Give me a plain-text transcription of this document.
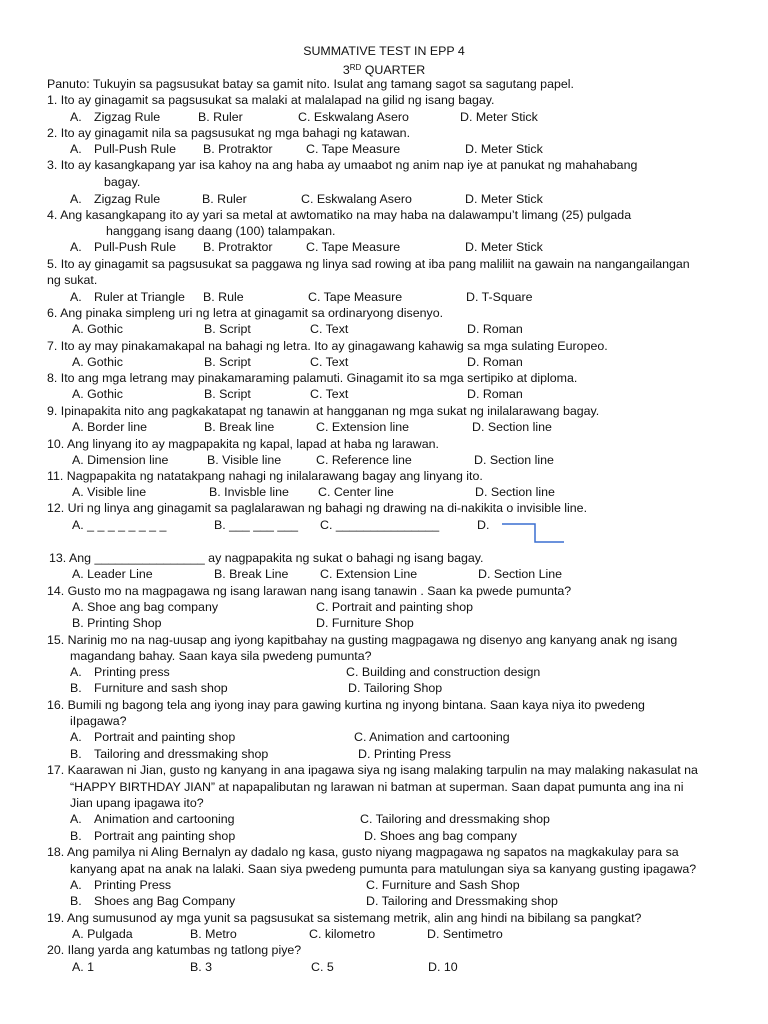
SUMMATIVE TEST IN EPP 4
3RD QUARTER
Panuto: Tukuyin sa pagsusukat batay sa gamit nito. Isulat ang tamang sagot sa sagutang papel.
1. Ito ay ginagamit sa pagsusukat sa malaki at malalapad na gilid ng isang bagay.
A. Zigzag Rule	B. Ruler	C. Eskwalang Asero	D. Meter Stick
2. Ito ay ginagamit nila sa pagsusukat ng mga bahagi ng katawan.
A. Pull-Push Rule B. Protraktor	C. Tape Measure	D. Meter Stick
3. Ito ay kasangkapang yar isa kahoy na ang haba ay umaabot ng anim nap iye at panukat ng mahahabang
bagay.
A. Zigzag Rule	B. Ruler	C. Eskwalang Asero	D. Meter Stick
4. Ang kasangkapang ito ay yari sa metal at awtomatiko na may haba na dalawampu’t limang (25) pulgada
hanggang isang daang (100) talampakan.
A. Pull-Push Rule B. Protraktor	C. Tape Measure	D. Meter Stick
5. Ito ay ginagamit sa pagsusukat sa paggawa ng linya sad rowing at iba pang maliliit na gawain na nangangailangan
ng sukat.
A. Ruler at Triangle B. Rule	C. Tape Measure	D. T-Square
6. Ang pinaka simpleng uri ng letra at ginagamit sa ordinaryong disenyo.
A. Gothic	B. Script	C. Text	D. Roman
7. Ito ay may pinakamakapal na bahagi ng letra. Ito ay ginagawang kahawig sa mga sulating Europeo.
A. Gothic	B. Script	C. Text	D. Roman
8. Ito ang mga letrang may pinakamaraming palamuti. Ginagamit ito sa mga sertipiko at diploma.
A. Gothic	B. Script	C. Text	D. Roman
9. Ipinapakita nito ang pagkakatapat ng tanawin at hangganan ng mga sukat ng inilalarawang bagay.
A. Border line	B. Break line	C. Extension line	D. Section line
10. Ang linyang ito ay magpapakita ng kapal, lapad at haba ng larawan.
A. Dimension line	B. Visible line	C. Reference line	D. Section line
11. Nagpapakita ng natatakpang nahagi ng inilalarawang bagay ang linyang ito.
A. Visible line	B. Invisble line C. Center line	D. Section line
12. Uri ng linya ang ginagamit sa paglalarawan ng bahagi ng drawing na di-nakikita o invisible line.
A. _ _ _ _ _ _ _ _	B. ___ ___ ___ C. _______________	D.
13. Ang ________________ ay nagpapakita ng sukat o bahagi ng isang bagay.
A. Leader Line	B. Break Line	C. Extension Line	D. Section Line
14. Gusto mo na magpagawa ng isang larawan nang isang tanawin . Saan ka pwede pumunta?
A. Shoe ang bag company	C. Portrait and painting shop
B. Printing Shop	D. Furniture Shop
15. Narinig mo na nag-uusap ang iyong kapitbahay na gusting magpagawa ng disenyo ang kanyang anak ng isang
magandang bahay. Saan kaya sila pwedeng pumunta?
A. Printing press	C. Building and construction design
B. Furniture and sash shop	D. Tailoring Shop
16. Bumili ng bagong tela ang iyong inay para gawing kurtina ng inyong bintana. Saan kaya niya ito pwedeng
iIpagawa?
A. Portrait and painting shop	C. Animation and cartooning
B. Tailoring and dressmaking shop	D. Printing Press
17. Kaarawan ni Jian, gusto ng kanyang in ana ipagawa siya ng isang malaking tarpulin na may malaking nakasulat na
“HAPPY BIRTHDAY JIAN” at napapalibutan ng larawan ni batman at superman. Saan dapat pumunta ang ina ni
Jian upang ipagawa ito?
A. Animation and cartooning	C. Tailoring and dressmaking shop
B. Portrait ang painting shop	D. Shoes ang bag company
18. Ang pamilya ni Aling Bernalyn ay dadalo ng kasa, gusto niyang magpagawa ng sapatos na magkakulay para sa
kanyang apat na anak na lalaki. Saan siya pwedeng pumunta para matulungan siya sa kanyang gusting ipagawa?
A. Printing Press	C. Furniture and Sash Shop
B. Shoes ang Bag Company	D. Tailoring and Dressmaking shop
19. Ang sumusunod ay mga yunit sa pagsusukat sa sistemang metrik, alin ang hindi na bibilang sa pangkat?
A. Pulgada	B. Metro	C. kilometro	D. Sentimetro
20. Ilang yarda ang katumbas ng tatlong piye?
A. 1	B. 3	C. 5	D. 10
